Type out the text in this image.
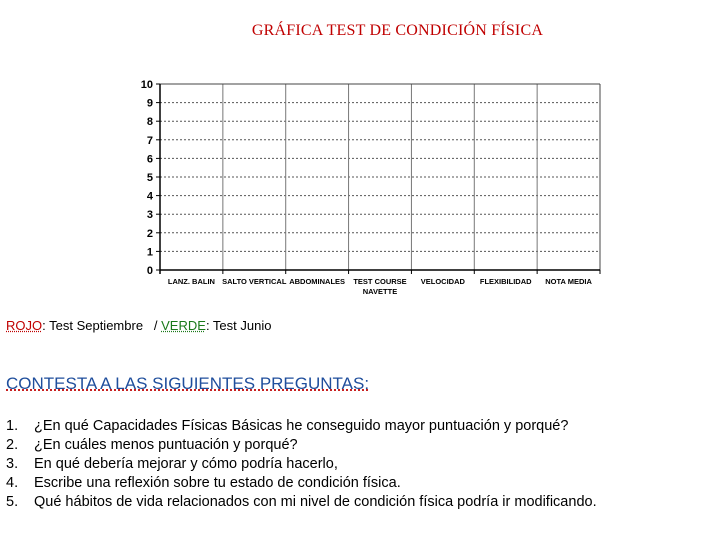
GRÁFICA TEST DE CONDICIÓN FÍSICA
0
1
2
3
4
5
6
7
8
9
10
LANZ. BALIN SALTO VERTICAL ABDOMINALES TEST COURSE
NAVETTE
VELOCIDAD FLEXIBILIDAD NOTA MEDIA
ROJO: Test Septiembre / VERDE: Test Junio
CONTESTA A LAS SIGUIENTES PREGUNTAS:
1.	¿En qué Capacidades Físicas Básicas he conseguido mayor puntuación y porqué?
2.	¿En cuáles menos puntuación y porqué?
3.	En qué debería mejorar y cómo podría hacerlo,
4.	Escribe una reflexión sobre tu estado de condición física.
5.	Qué hábitos de vida relacionados con mi nivel de condición física podría ir modificando.
